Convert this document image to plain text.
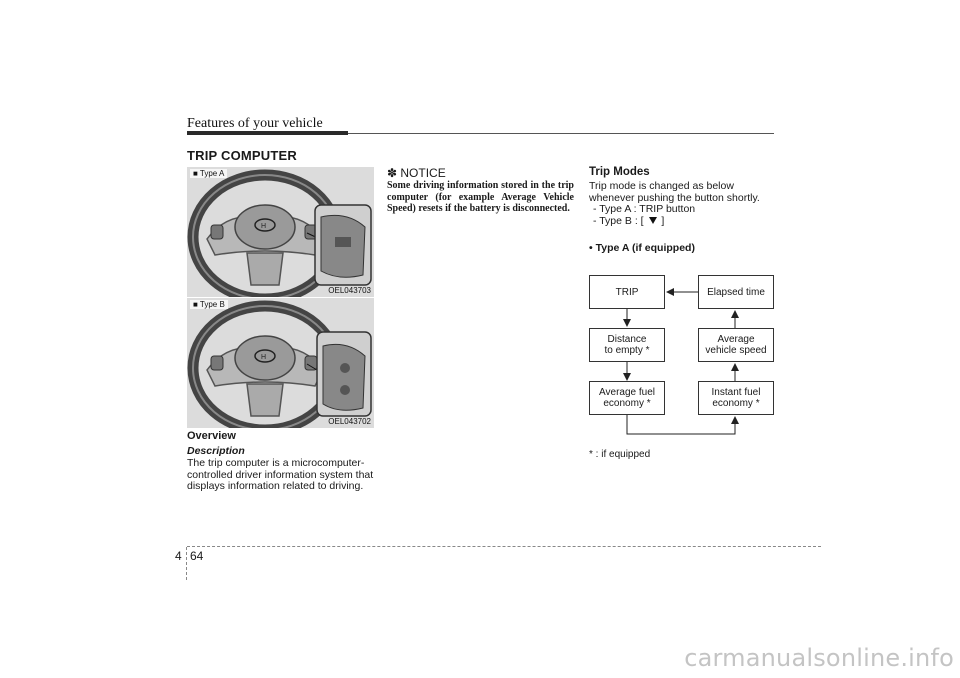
Features of your vehicle
TRIP COMPUTER
H
■ Type A
OEL043703
H
■ Type B
OEL043702
Overview
Description
The trip computer is a microcomputer-controlled driver information system that displays information related to driving.
✽ NOTICE
Some driving information stored in the trip computer (for example Average Vehicle Speed) resets if the battery is disconnected.
Trip Modes
Trip mode is changed as below whenever pushing the button shortly.
- Type A : TRIP button
- Type B : [ ]
• Type A (if equipped)
TRIP	Elapsed time
Distance
to empty *
Average
vehicle speed
Average fuel
economy *
Instant fuel
economy *
* : if equipped
4 64
carmanualsonline.info
